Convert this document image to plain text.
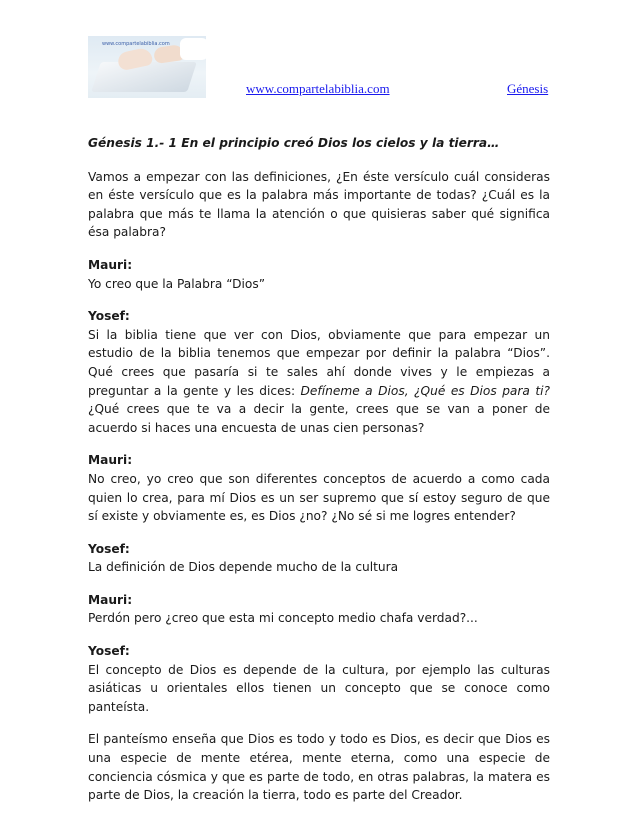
www.compartelabiblia.com
www.compartelabiblia.com	Génesis

Génesis 1.- 1 En el principio creó Dios los cielos y la tierra…

Vamos a empezar con las definiciones, ¿En éste versículo cuál consideras en éste versículo que es la palabra más importante de todas? ¿Cuál es la palabra que más te llama la atención o que quisieras saber qué significa ésa palabra?

Mauri:
Yo creo que la Palabra “Dios”

Yosef:
Si la biblia tiene que ver con Dios, obviamente que para empezar un estudio de la biblia tenemos que empezar por definir la palabra “Dios”. Qué crees que pasaría si te sales ahí donde vives y le empiezas a preguntar a la gente y les dices: Defíneme a Dios, ¿Qué es Dios para ti? ¿Qué crees que te va a decir la gente, crees que se van a poner de acuerdo si haces una encuesta de unas cien personas?

Mauri:
No creo, yo creo que son diferentes conceptos de acuerdo a como cada quien lo crea, para mí Dios es un ser supremo que sí estoy seguro de que sí existe y obviamente es, es Dios ¿no? ¿No sé si me logres entender?

Yosef:
La definición de Dios depende mucho de la cultura

Mauri:
Perdón pero ¿creo que esta mi concepto medio chafa verdad?...

Yosef:
El concepto de Dios es depende de la cultura, por ejemplo las culturas asiáticas u orientales ellos tienen un concepto que se conoce como panteísta.

El panteísmo enseña que Dios es todo y todo es Dios, es decir que Dios es una especie de mente etérea, mente eterna, como una especie de conciencia cósmica y que es parte de todo, en otras palabras, la matera es parte de Dios, la creación la tierra, todo es parte del Creador.
